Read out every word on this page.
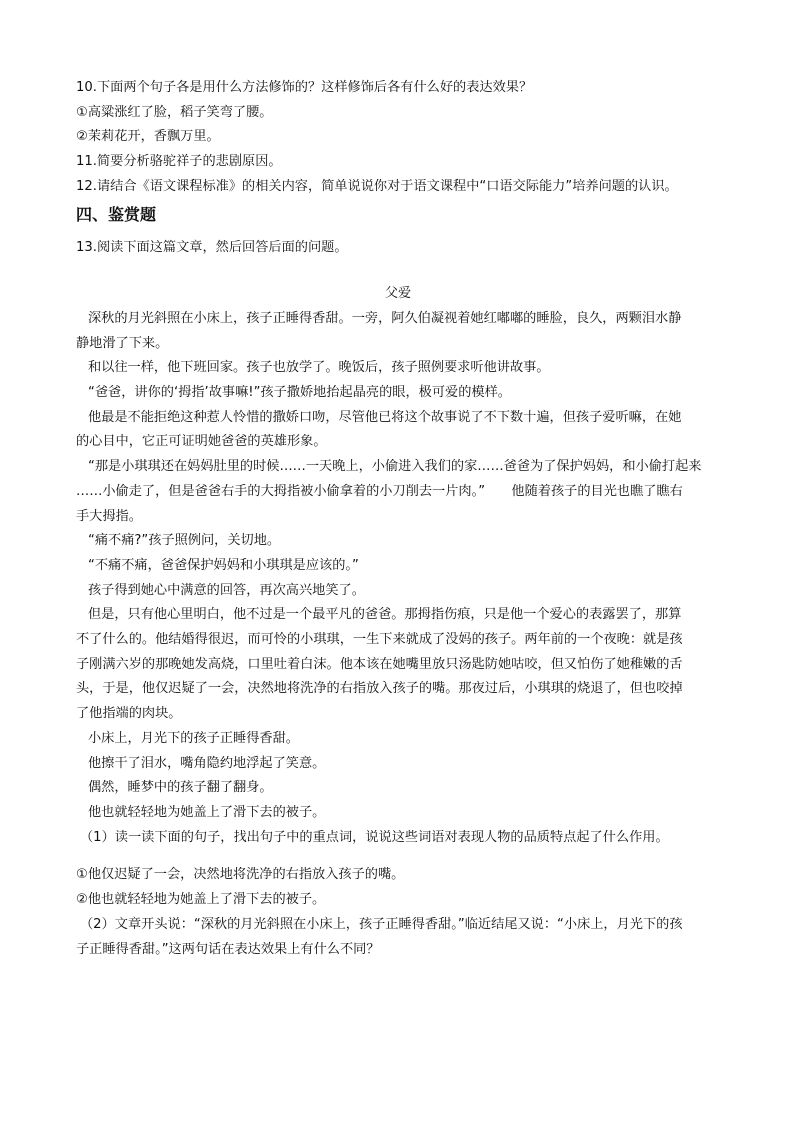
10.下面两个句子各是用什么方法修饰的？这样修饰后各有什么好的表达效果？
①高粱涨红了脸，稻子笑弯了腰。
②茉莉花开，香飘万里。
11.简要分析骆驼祥子的悲剧原因。
12.请结合《语文课程标准》的相关内容，简单说说你对于语文课程中“口语交际能力”培养问题的认识。
四、鉴赏题
13.阅读下面这篇文章，然后回答后面的问题。
父爱
深秋的月光斜照在小床上，孩子正睡得香甜。一旁，阿久伯凝视着她红嘟嘟的睡脸，良久，两颗泪水静
静地滑了下来。
和以往一样，他下班回家。孩子也放学了。晚饭后，孩子照例要求听他讲故事。
“爸爸，讲你的‘拇指’故事嘛!”孩子撒娇地抬起晶亮的眼，极可爱的模样。
他最是不能拒绝这种惹人怜惜的撒娇口吻，尽管他已将这个故事说了不下数十遍，但孩子爱听嘛，在她
的心目中，它正可证明她爸爸的英雄形象。
“那是小琪琪还在妈妈肚里的时候……一天晚上，小偷进入我们的家……爸爸为了保护妈妈，和小偷打起来
……小偷走了，但是爸爸右手的大拇指被小偷拿着的小刀削去一片肉。”　　他随着孩子的目光也瞧了瞧右
手大拇指。
“痛不痛?”孩子照例问，关切地。
“不痛不痛，爸爸保护妈妈和小琪琪是应该的。”
孩子得到她心中满意的回答，再次高兴地笑了。
但是，只有他心里明白，他不过是一个最平凡的爸爸。那拇指伤痕，只是他一个爱心的表露罢了，那算
不了什么的。他结婚得很迟，而可怜的小琪琪，一生下来就成了没妈的孩子。两年前的一个夜晚：就是孩
子刚满六岁的那晚她发高烧，口里吐着白沫。他本该在她嘴里放只汤匙防她咕咬，但又怕伤了她稚嫩的舌
头，于是，他仅迟疑了一会，决然地将洗净的右指放入孩子的嘴。那夜过后，小琪琪的烧退了，但也咬掉
了他指端的肉块。
小床上，月光下的孩子正睡得香甜。
他擦干了泪水，嘴角隐约地浮起了笑意。
偶然，睡梦中的孩子翻了翻身。
他也就轻轻地为她盖上了滑下去的被子。
（1）读一读下面的句子，找出句子中的重点词，说说这些词语对表现人物的品质特点起了什么作用。
①他仅迟疑了一会，决然地将洗净的右指放入孩子的嘴。
②他也就轻轻地为她盖上了滑下去的被子。
（2）文章开头说：“深秋的月光斜照在小床上，孩子正睡得香甜。”临近结尾又说：“小床上，月光下的孩
子正睡得香甜。”这两句话在表达效果上有什么不同？
